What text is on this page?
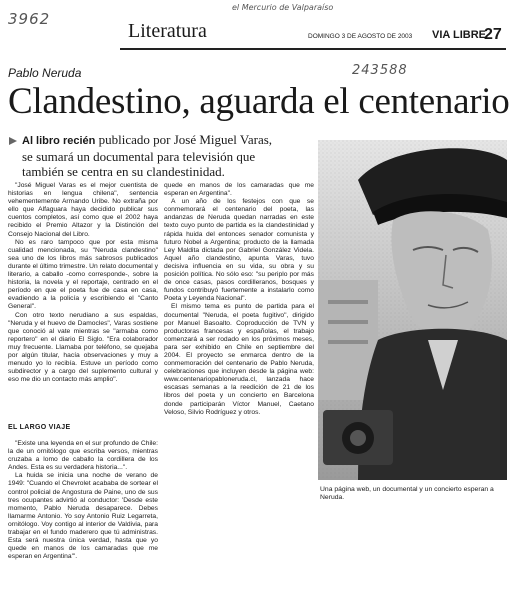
3962
el Mercurio de Valparaíso
243588
Literatura	DOMINGO 3 DE AGOSTO DE 2003 VIA LIBRE
27
Pablo Neruda
Clandestino, aguarda el centenario
Al libro recién publicado por José Miguel Varas, se sumará un documental para televisión que también se centra en su clandestinidad.

"José Miguel Varas es el mejor cuentista de historias en lengua chilena", sentencia vehementemente Armando Uribe. No extraña por ello que Alfaguara haya decidido publicar sus cuentos completos, así como que el 2002 haya recibido el Premio Altazor y la Distinción del Consejo Nacional del Libro.

No es raro tampoco que por esta misma cualidad mencionada, su "Neruda clandestino" sea uno de los libros más sabrosos publicados durante el último trimestre. Un relato documental y literario, a caballo -como corresponde-, sobre la historia, la novela y el reportaje, centrado en el período en que el poeta fue de casa en casa, evadiendo a la policía y escribiendo el "Canto General".

Con otro texto nerudiano a sus espaldas, "Neruda y el huevo de Damocles", Varas sostiene que conoció al vate mientras se "armaba como reportero" en el diario El Siglo. "Era colaborador muy frecuente. Llamaba por teléfono, se quejaba por algún titular, hacía observaciones y muy a menudo yo lo recibía. Estuve un período como subdirector y a cargo del suplemento cultural y eso me dio un contacto más amplio".

EL LARGO VIAJE

"Existe una leyenda en el sur profundo de Chile: la de un ornitólogo que escriba versos, mientras cruzaba a lomo de caballo la cordillera de los Andes. Esta es su verdadera historia...".

La huida se inicia una noche de verano de 1949: "Cuando el Chevrolet acababa de sortear el control policial de Angostura de Paine, uno de sus tres ocupantes advirtió al conductor: 'Desde este momento, Pablo Neruda desaparece. Debes llamarme Antonio. Yo soy Antonio Ruiz Legarreta, ornitólogo. Voy contigo al interior de Valdivia, para trabajar en el fundo maderero que tú administras. Esta será nuestra única verdad, hasta que yo quede en manos de los camaradas que me esperan en Argentina'".

quede en manos de los camaradas que me esperan en Argentina".

A un año de los festejos con que se conmemorará el centenario del poeta, las andanzas de Neruda quedan narradas en este texto cuyo punto de partida es la clandestinidad y rápida huida del entonces senador comunista y futuro Nobel a Argentina; producto de la llamada Ley Maldita dictada por Gabriel González Videla. Aquel año clandestino, apunta Varas, tuvo decisiva influencia en su vida, su obra y su posición política. No sólo eso: "su periplo por más de once casas, pasos cordilleranos, bosques y fundos contribuyó fuertemente a instalarlo como Poeta y Leyenda Nacional".

El mismo tema es punto de partida para el documental "Neruda, el poeta fugitivo", dirigido por Manuel Basoalto. Coproducción de TVN y productoras francesas y españolas, el trabajo comenzará a ser rodado en los próximos meses, para ser exhibido en Chile en septiembre del 2004. El proyecto se enmarca dentro de la conmemoración del centenario de Pablo Neruda, celebraciones que incluyen desde la página web: www.centenariopabloneruda.cl, lanzada hace escasas semanas a la reedición de 21 de los libros del poeta y un concierto en Barcelona donde participarán Víctor Manuel, Caetano Veloso, Silvio Rodríguez y otros.

Una página web, un documental y un concierto esperan a Neruda.
